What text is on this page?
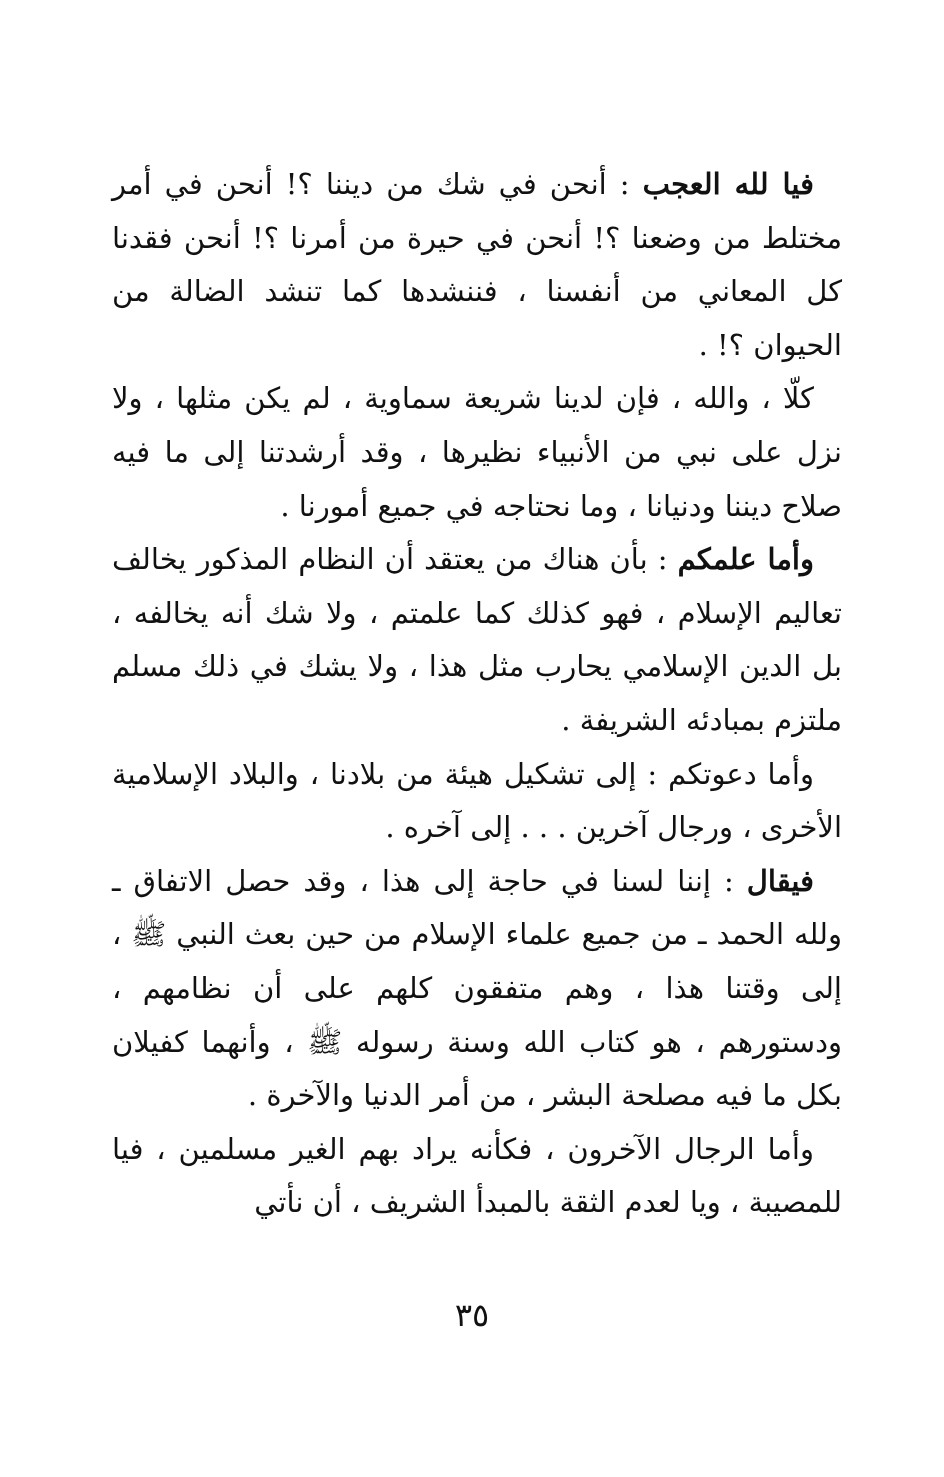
فيا لله العجب : أنحن في شك من ديننا ؟! أنحن في أمر مختلط من وضعنا ؟! أنحن في حيرة من أمرنا ؟! أنحن فقدنا كل المعاني من أنفسنا ، فننشدها كما تنشد الضالة من الحيوان ؟! .

كلّا ، والله ، فإن لدينا شريعة سماوية ، لم يكن مثلها ، ولا نزل على نبي من الأنبياء نظيرها ، وقد أرشدتنا إلى ما فيه صلاح ديننا ودنيانا ، وما نحتاجه في جميع أمورنا .

وأما علمكم : بأن هناك من يعتقد أن النظام المذكور يخالف تعاليم الإسلام ، فهو كذلك كما علمتم ، ولا شك أنه يخالفه ، بل الدين الإسلامي يحارب مثل هذا ، ولا يشك في ذلك مسلم ملتزم بمبادئه الشريفة .

وأما دعوتكم : إلى تشكيل هيئة من بلادنا ، والبلاد الإسلامية الأخرى ، ورجال آخرين . . . إلى آخره .

فيقال : إننا لسنا في حاجة إلى هذا ، وقد حصل الاتفاق ـ ولله الحمد ـ من جميع علماء الإسلام من حين بعث النبي ﷺ ، إلى وقتنا هذا ، وهم متفقون كلهم على أن نظامهم ، ودستورهم ، هو كتاب الله وسنة رسوله ﷺ ، وأنهما كفيلان بكل ما فيه مصلحة البشر ، من أمر الدنيا والآخرة .

وأما الرجال الآخرون ، فكأنه يراد بهم الغير مسلمين ، فيا للمصيبة ، ويا لعدم الثقة بالمبدأ الشريف ، أن نأتي

٣٥
